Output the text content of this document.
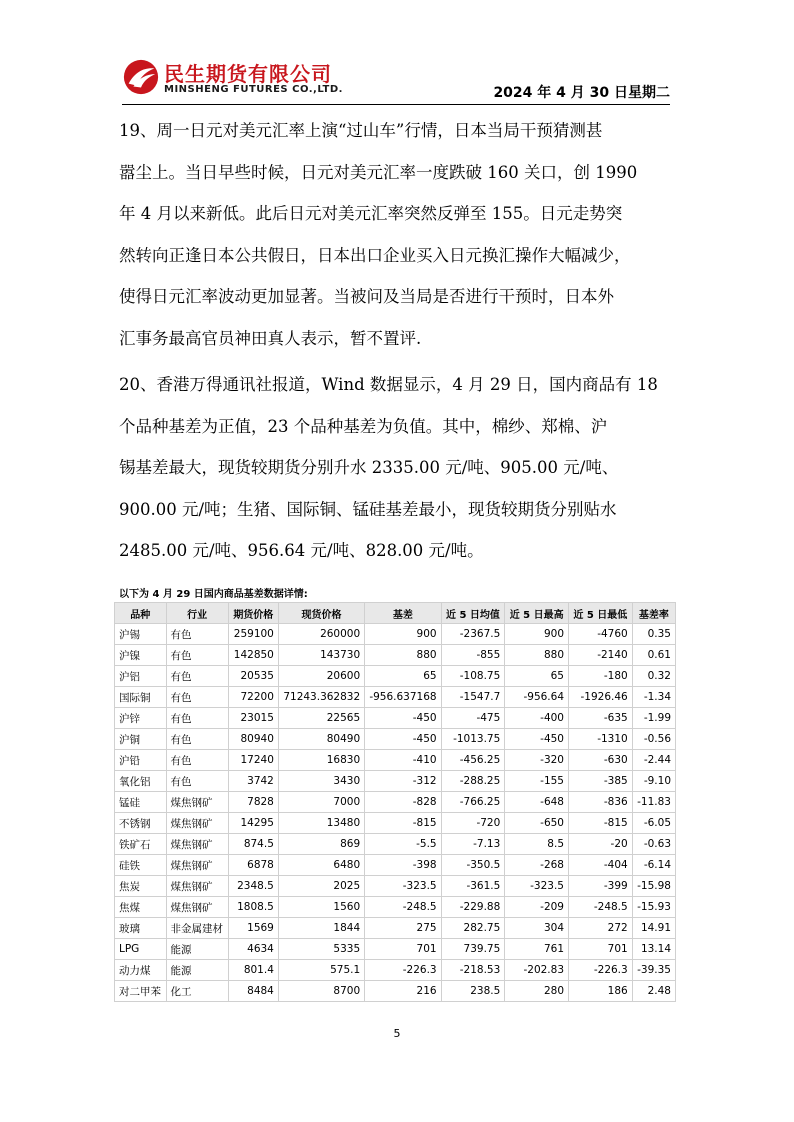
民生期货有限公司
MINSHENG FUTURES CO.,LTD.	2024 年 4 月 30 日星期二

19、周一日元对美元汇率上演“过山车”行情，日本当局干预猜测甚
嚣尘上。当日早些时候，日元对美元汇率一度跌破 160 关口，创 1990
年 4 月以来新低。此后日元对美元汇率突然反弹至 155。日元走势突
然转向正逢日本公共假日，日本出口企业买入日元换汇操作大幅减少，
使得日元汇率波动更加显著。当被问及当局是否进行干预时，日本外
汇事务最高官员神田真人表示，暂不置评.

20、香港万得通讯社报道，Wind 数据显示，4 月 29 日，国内商品有 18
个品种基差为正值，23 个品种基差为负值。其中，棉纱、郑棉、沪
锡基差最大，现货较期货分别升水 2335.00 元/吨、905.00 元/吨、
900.00 元/吨；生猪、国际铜、锰硅基差最小，现货较期货分别贴水
2485.00 元/吨、956.64 元/吨、828.00 元/吨。

以下为 4 月 29 日国内商品基差数据详情:
品种	行业	期货价格	现货价格	基差	近 5 日均值	近 5 日最高	近 5 日最低	基差率
沪锡	有色	259100	260000	900	-2367.5	900	-4760	0.35
沪镍	有色	142850	143730	880	-855	880	-2140	0.61
沪铝	有色	20535	20600	65	-108.75	65	-180	0.32
国际铜	有色	72200	71243.362832	-956.637168	-1547.7	-956.64	-1926.46	-1.34
沪锌	有色	23015	22565	-450	-475	-400	-635	-1.99
沪铜	有色	80940	80490	-450	-1013.75	-450	-1310	-0.56
沪铅	有色	17240	16830	-410	-456.25	-320	-630	-2.44
氧化铝	有色	3742	3430	-312	-288.25	-155	-385	-9.10
锰硅	煤焦钢矿	7828	7000	-828	-766.25	-648	-836	-11.83
不锈钢	煤焦钢矿	14295	13480	-815	-720	-650	-815	-6.05
铁矿石	煤焦钢矿	874.5	869	-5.5	-7.13	8.5	-20	-0.63
硅铁	煤焦钢矿	6878	6480	-398	-350.5	-268	-404	-6.14
焦炭	煤焦钢矿	2348.5	2025	-323.5	-361.5	-323.5	-399	-15.98
焦煤	煤焦钢矿	1808.5	1560	-248.5	-229.88	-209	-248.5	-15.93
玻璃	非金属建材	1569	1844	275	282.75	304	272	14.91
LPG	能源	4634	5335	701	739.75	761	701	13.14
动力煤	能源	801.4	575.1	-226.3	-218.53	-202.83	-226.3	-39.35
对二甲苯	化工	8484	8700	216	238.5	280	186	2.48
5
